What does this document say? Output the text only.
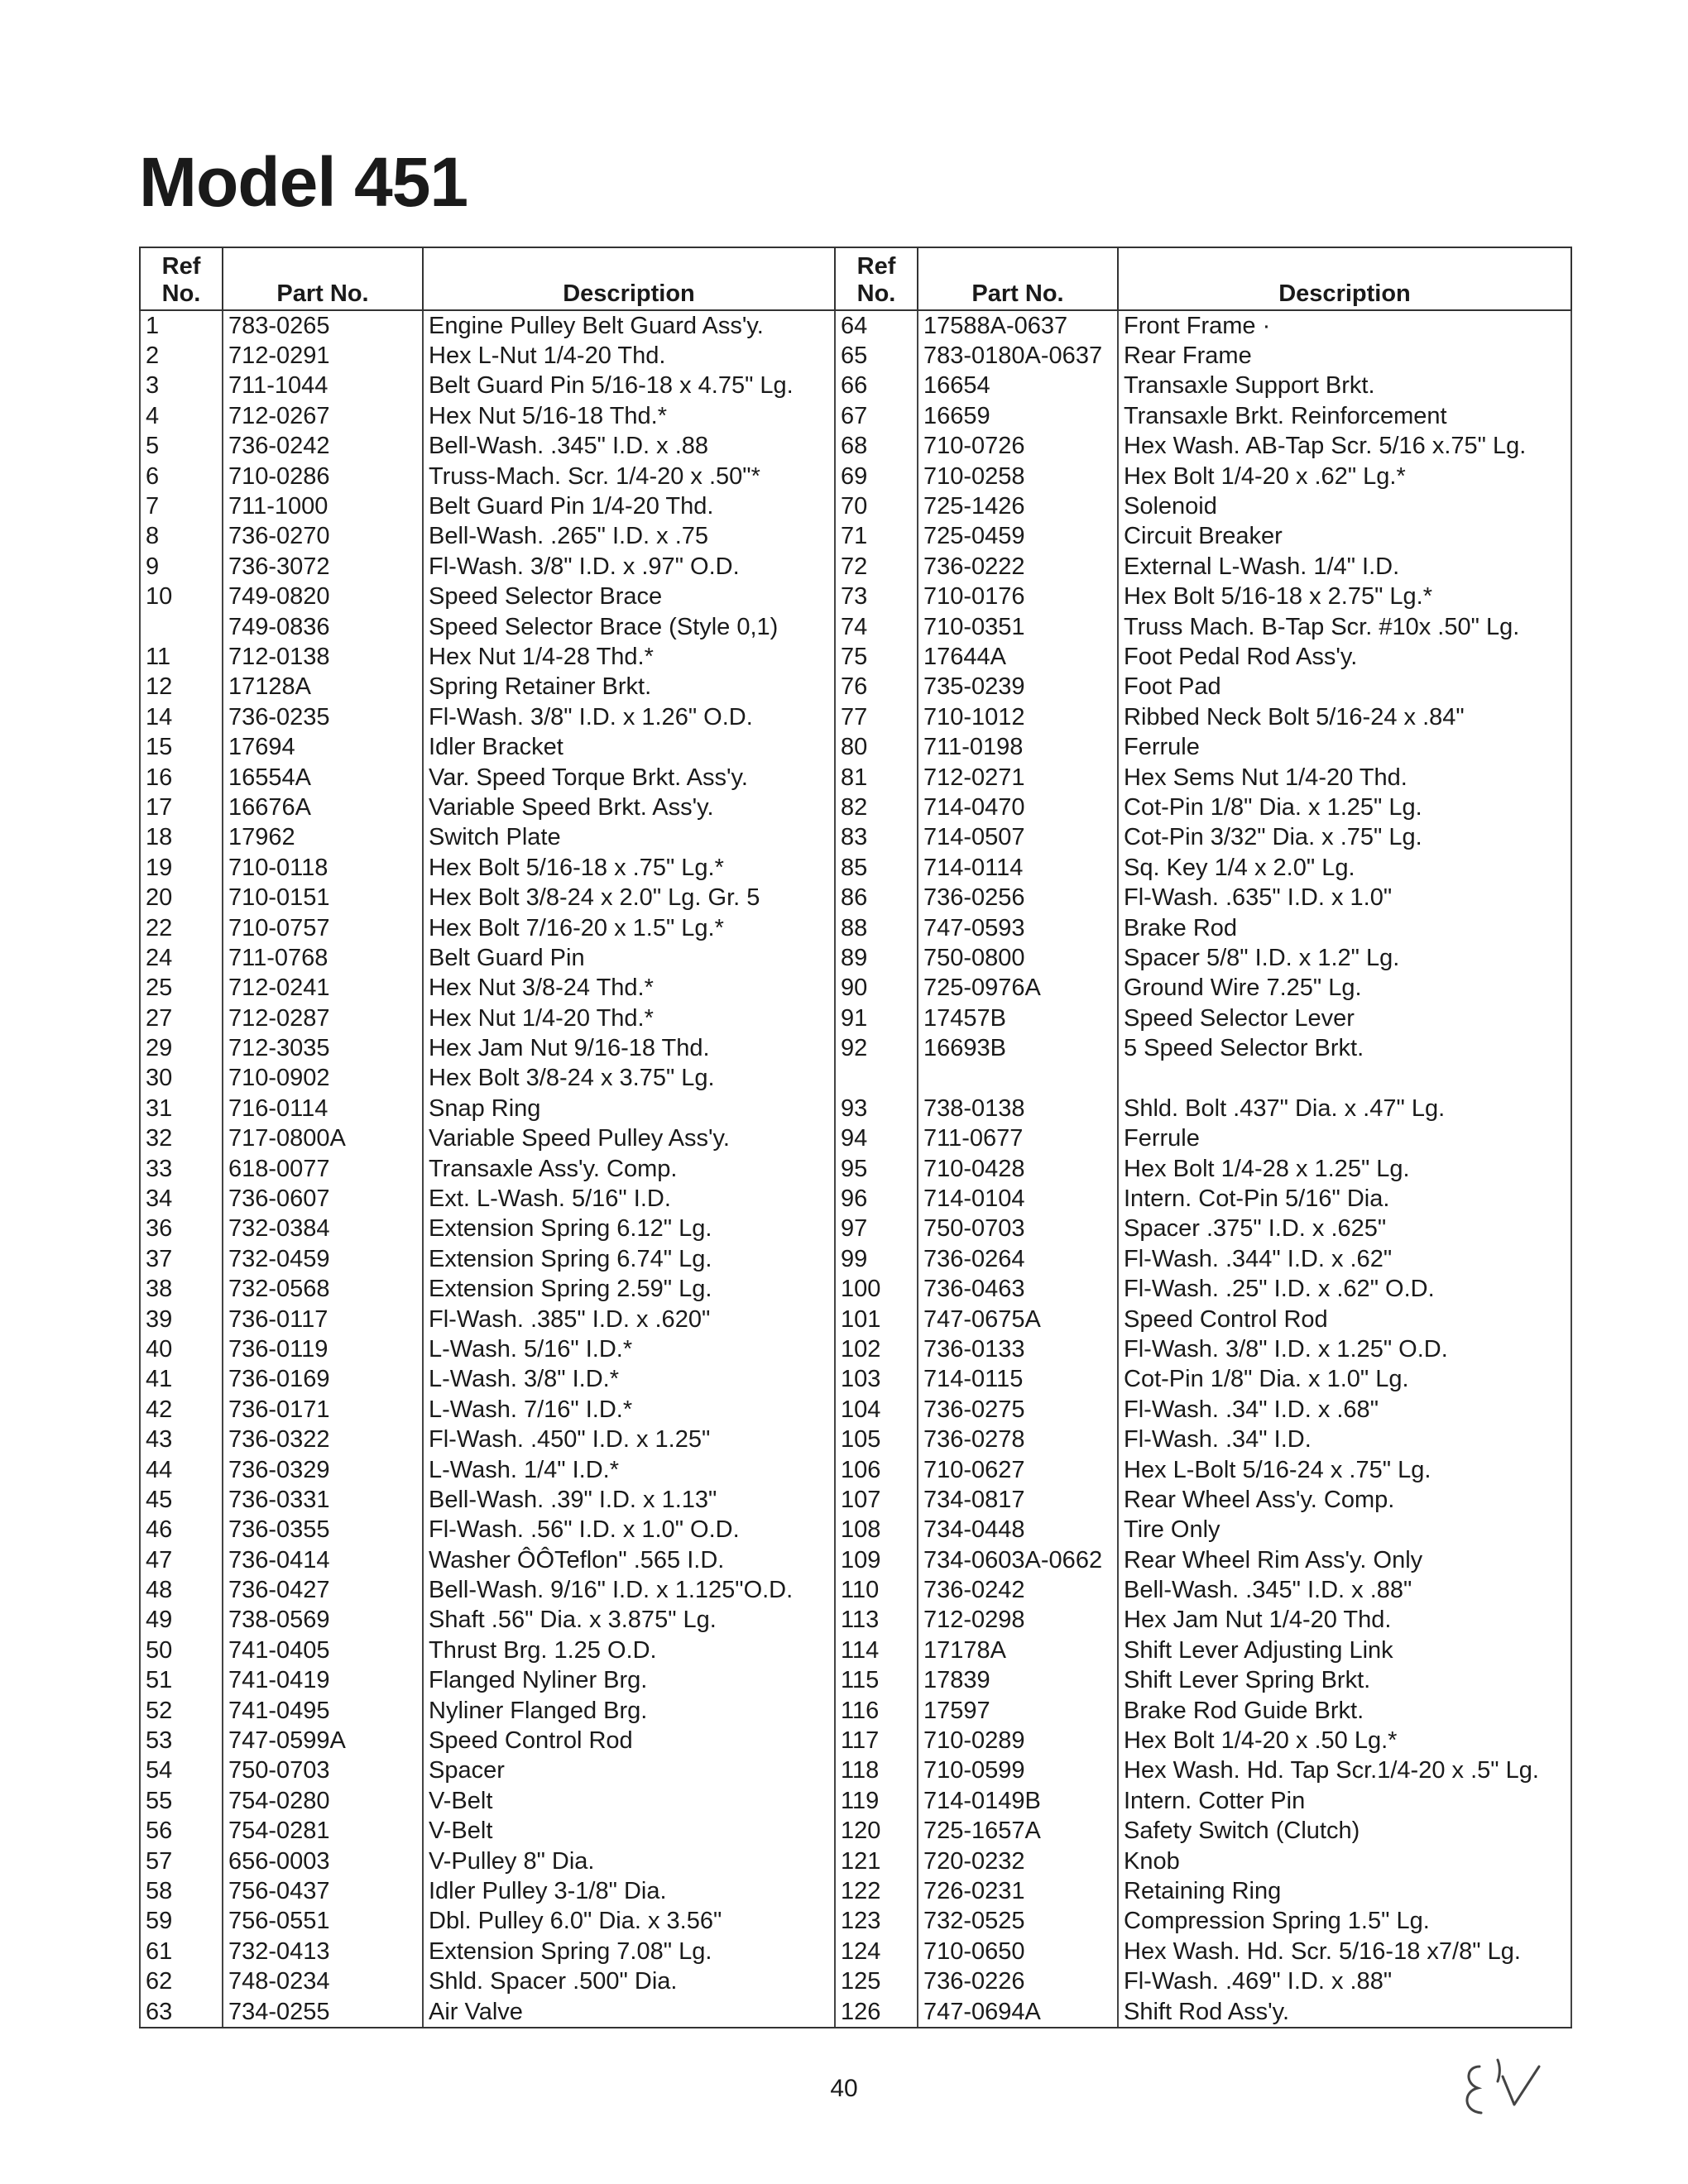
Model 451
Ref No.	Part No.	Description	Ref No.	Part No.	Description
1	783-0265	Engine Pulley Belt Guard Ass'y.	64	17588A-0637	Front Frame ·
2	712-0291	Hex L-Nut 1/4-20 Thd.	65	783-0180A-0637	Rear Frame
3	711-1044	Belt Guard Pin 5/16-18 x 4.75" Lg.	66	16654	Transaxle Support Brkt.
4	712-0267	Hex Nut 5/16-18 Thd.*	67	16659	Transaxle Brkt. Reinforcement
5	736-0242	Bell-Wash. .345" I.D. x .88	68	710-0726	Hex Wash. AB-Tap Scr. 5/16 x.75" Lg.
6	710-0286	Truss-Mach. Scr. 1/4-20 x .50"*	69	710-0258	Hex Bolt 1/4-20 x .62" Lg.*
7	711-1000	Belt Guard Pin 1/4-20 Thd.	70	725-1426	Solenoid
8	736-0270	Bell-Wash. .265" I.D. x .75	71	725-0459	Circuit Breaker
9	736-3072	Fl-Wash. 3/8" I.D. x .97" O.D.	72	736-0222	External L-Wash. 1/4" I.D.
10	749-0820	Speed Selector Brace	73	710-0176	Hex Bolt 5/16-18 x 2.75" Lg.*
	749-0836	Speed Selector Brace (Style 0,1)	74	710-0351	Truss Mach. B-Tap Scr. #10x .50" Lg.
11	712-0138	Hex Nut 1/4-28 Thd.*	75	17644A	Foot Pedal Rod Ass'y.
12	17128A	Spring Retainer Brkt.	76	735-0239	Foot Pad
14	736-0235	Fl-Wash. 3/8" I.D. x 1.26" O.D.	77	710-1012	Ribbed Neck Bolt 5/16-24 x .84"
15	17694	Idler Bracket	80	711-0198	Ferrule
16	16554A	Var. Speed Torque Brkt. Ass'y.	81	712-0271	Hex Sems Nut 1/4-20 Thd.
17	16676A	Variable Speed Brkt. Ass'y.	82	714-0470	Cot-Pin 1/8" Dia. x 1.25" Lg.
18	17962	Switch Plate	83	714-0507	Cot-Pin 3/32" Dia. x .75" Lg.
19	710-0118	Hex Bolt 5/16-18 x .75" Lg.*	85	714-0114	Sq. Key 1/4 x 2.0" Lg.
20	710-0151	Hex Bolt 3/8-24 x 2.0" Lg. Gr. 5	86	736-0256	Fl-Wash. .635" I.D. x 1.0"
22	710-0757	Hex Bolt 7/16-20 x 1.5" Lg.*	88	747-0593	Brake Rod
24	711-0768	Belt Guard Pin	89	750-0800	Spacer 5/8" I.D. x 1.2" Lg.
25	712-0241	Hex Nut 3/8-24 Thd.*	90	725-0976A	Ground Wire 7.25" Lg.
27	712-0287	Hex Nut 1/4-20 Thd.*	91	17457B	Speed Selector Lever
29	712-3035	Hex Jam Nut 9/16-18 Thd.	92	16693B	5 Speed Selector Brkt.
30	710-0902	Hex Bolt 3/8-24 x 3.75" Lg.			
31	716-0114	Snap Ring	93	738-0138	Shld. Bolt .437" Dia. x .47" Lg.
32	717-0800A	Variable Speed Pulley Ass'y.	94	711-0677	Ferrule
33	618-0077	Transaxle Ass'y. Comp.	95	710-0428	Hex Bolt 1/4-28 x 1.25" Lg.
34	736-0607	Ext. L-Wash. 5/16" I.D.	96	714-0104	Intern. Cot-Pin 5/16" Dia.
36	732-0384	Extension Spring 6.12" Lg.	97	750-0703	Spacer .375" I.D. x .625"
37	732-0459	Extension Spring 6.74" Lg.	99	736-0264	Fl-Wash. .344" I.D. x .62"
38	732-0568	Extension Spring 2.59" Lg.	100	736-0463	Fl-Wash. .25" I.D. x .62" O.D.
39	736-0117	Fl-Wash. .385" I.D. x .620"	101	747-0675A	Speed Control Rod
40	736-0119	L-Wash. 5/16" I.D.*	102	736-0133	Fl-Wash. 3/8" I.D. x 1.25" O.D.
41	736-0169	L-Wash. 3/8" I.D.*	103	714-0115	Cot-Pin 1/8" Dia. x 1.0" Lg.
42	736-0171	L-Wash. 7/16" I.D.*	104	736-0275	Fl-Wash. .34" I.D. x .68"
43	736-0322	Fl-Wash. .450" I.D. x 1.25"	105	736-0278	Fl-Wash. .34" I.D.
44	736-0329	L-Wash. 1/4" I.D.*	106	710-0627	Hex L-Bolt 5/16-24 x .75" Lg.
45	736-0331	Bell-Wash. .39" I.D. x 1.13"	107	734-0817	Rear Wheel Ass'y. Comp.
46	736-0355	Fl-Wash. .56" I.D. x 1.0" O.D.	108	734-0448	Tire Only
47	736-0414	Washer ÔÔTeflon" .565 I.D.	109	734-0603A-0662	Rear Wheel Rim Ass'y. Only
48	736-0427	Bell-Wash. 9/16" I.D. x 1.125"O.D.	110	736-0242	Bell-Wash. .345" I.D. x .88"
49	738-0569	Shaft .56" Dia. x 3.875" Lg.	113	712-0298	Hex Jam Nut 1/4-20 Thd.
50	741-0405	Thrust Brg. 1.25 O.D.	114	17178A	Shift Lever Adjusting Link
51	741-0419	Flanged Nyliner Brg.	115	17839	Shift Lever Spring Brkt.
52	741-0495	Nyliner Flanged Brg.	116	17597	Brake Rod Guide Brkt.
53	747-0599A	Speed Control Rod	117	710-0289	Hex Bolt 1/4-20 x .50 Lg.*
54	750-0703	Spacer	118	710-0599	Hex Wash. Hd. Tap Scr.1/4-20 x .5" Lg.
55	754-0280	V-Belt	119	714-0149B	Intern. Cotter Pin
56	754-0281	V-Belt	120	725-1657A	Safety Switch (Clutch)
57	656-0003	V-Pulley 8" Dia.	121	720-0232	Knob
58	756-0437	Idler Pulley 3-1/8" Dia.	122	726-0231	Retaining Ring
59	756-0551	Dbl. Pulley 6.0" Dia. x 3.56"	123	732-0525	Compression Spring 1.5" Lg.
61	732-0413	Extension Spring 7.08" Lg.	124	710-0650	Hex Wash. Hd. Scr. 5/16-18 x7/8" Lg.
62	748-0234	Shld. Spacer .500" Dia.	125	736-0226	Fl-Wash. .469" I.D. x .88"
63	734-0255	Air Valve	126	747-0694A	Shift Rod Ass'y.
40
